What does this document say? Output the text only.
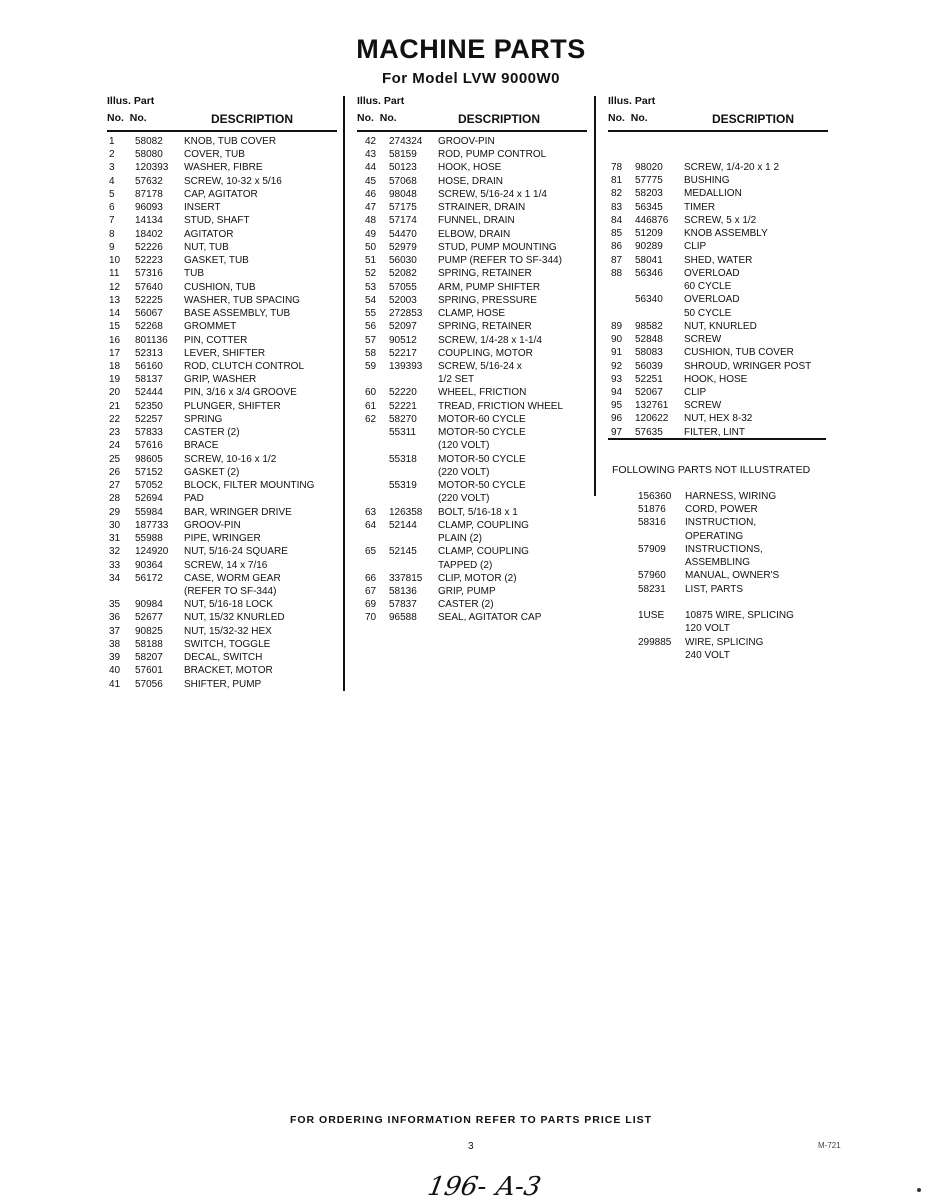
MACHINE PARTS
For Model LVW 9000W0
Illus. Part
No. No.	DESCRIPTION
1 58082 KNOB, TUB COVER
2 58080 COVER, TUB
3 120393 WASHER, FIBRE
4 57632 SCREW, 10-32 x 5/16
5 87178 CAP, AGITATOR
6 96093 INSERT
7 14134 STUD, SHAFT
8 18402 AGITATOR
9 52226 NUT, TUB
10 52223 GASKET, TUB
11 57316 TUB
12 57640 CUSHION, TUB
13 52225 WASHER, TUB SPACING
14 56067 BASE ASSEMBLY, TUB
15 52268 GROMMET
16 801136 PIN, COTTER
17 52313 LEVER, SHIFTER
18 56160 ROD, CLUTCH CONTROL
19 58137 GRIP, WASHER
20 52444 PIN, 3/16 x 3/4 GROOVE
21 52350 PLUNGER, SHIFTER
22 52257 SPRING
23 57833 CASTER (2)
24 57616 BRACE
25 98605 SCREW, 10-16 x 1/2
26 57152 GASKET (2)
27 57052 BLOCK, FILTER MOUNTING
28 52694 PAD
29 55984 BAR, WRINGER DRIVE
30 187733 GROOV-PIN
31 55988 PIPE, WRINGER
32 124920 NUT, 5/16-24 SQUARE
33 90364 SCREW, 14 x 7/16
34 56172 CASE, WORM GEAR
(REFER TO SF-344)
35 90984 NUT, 5/16-18 LOCK
36 52677 NUT, 15/32 KNURLED
37 90825 NUT, 15/32-32 HEX
38 58188 SWITCH, TOGGLE
39 58207 DECAL, SWITCH
40 57601 BRACKET, MOTOR
41 57056 SHIFTER, PUMP
Illus. Part
No. No.	DESCRIPTION
42 274324 GROOV-PIN
43 58159 ROD, PUMP CONTROL
44 50123 HOOK, HOSE
45 57068 HOSE, DRAIN
46 98048 SCREW, 5/16-24 x 1 1/4
47 57175 STRAINER, DRAIN
48 57174 FUNNEL, DRAIN
49 54470 ELBOW, DRAIN
50 52979 STUD, PUMP MOUNTING
51 56030 PUMP (REFER TO SF-344)
52 52082 SPRING, RETAINER
53 57055 ARM, PUMP SHIFTER
54 52003 SPRING, PRESSURE
55 272853 CLAMP, HOSE
56 52097 SPRING, RETAINER
57 90512 SCREW, 1/4-28 x 1-1/4
58 52217 COUPLING, MOTOR
59 139393 SCREW, 5/16-24 x
1/2 SET
60 52220 WHEEL, FRICTION
61 52221 TREAD, FRICTION WHEEL
62 58270 MOTOR-60 CYCLE
55311 MOTOR-50 CYCLE
(120 VOLT)
55318 MOTOR-50 CYCLE
(220 VOLT)
55319 MOTOR-50 CYCLE
(220 VOLT)
63 126358 BOLT, 5/16-18 x 1
64 52144 CLAMP, COUPLING
PLAIN (2)
65 52145 CLAMP, COUPLING
TAPPED (2)
66 337815 CLIP, MOTOR (2)
67 58136 GRIP, PUMP
69 57837 CASTER (2)
70 96588 SEAL, AGITATOR CAP
Illus. Part
No. No.	DESCRIPTION
78 98020 SCREW, 1/4-20 x 1 2
81 57775 BUSHING
82 58203 MEDALLION
83 56345 TIMER
84 446876 SCREW, 5 x 1/2
85 51209 KNOB ASSEMBLY
86 90289 CLIP
87 58041 SHED, WATER
88 56346 OVERLOAD
60 CYCLE
56340 OVERLOAD
50 CYCLE
89 98582 NUT, KNURLED
90 52848 SCREW
91 58083 CUSHION, TUB COVER
92 56039 SHROUD, WRINGER POST
93 52251 HOOK, HOSE
94 52067 CLIP
95 132761 SCREW
96 120622 NUT, HEX 8-32
97 57635 FILTER, LINT
FOLLOWING PARTS NOT ILLUSTRATED
156360 HARNESS, WIRING
51876 CORD, POWER
58316 INSTRUCTION,
OPERATING
57909 INSTRUCTIONS,
ASSEMBLING
57960 MANUAL, OWNER'S
58231 LIST, PARTS
1USE 10875 WIRE, SPLICING
120 VOLT
299885 WIRE, SPLICING
240 VOLT
FOR ORDERING INFORMATION REFER TO PARTS PRICE LIST
3	M-721
196- A-3
